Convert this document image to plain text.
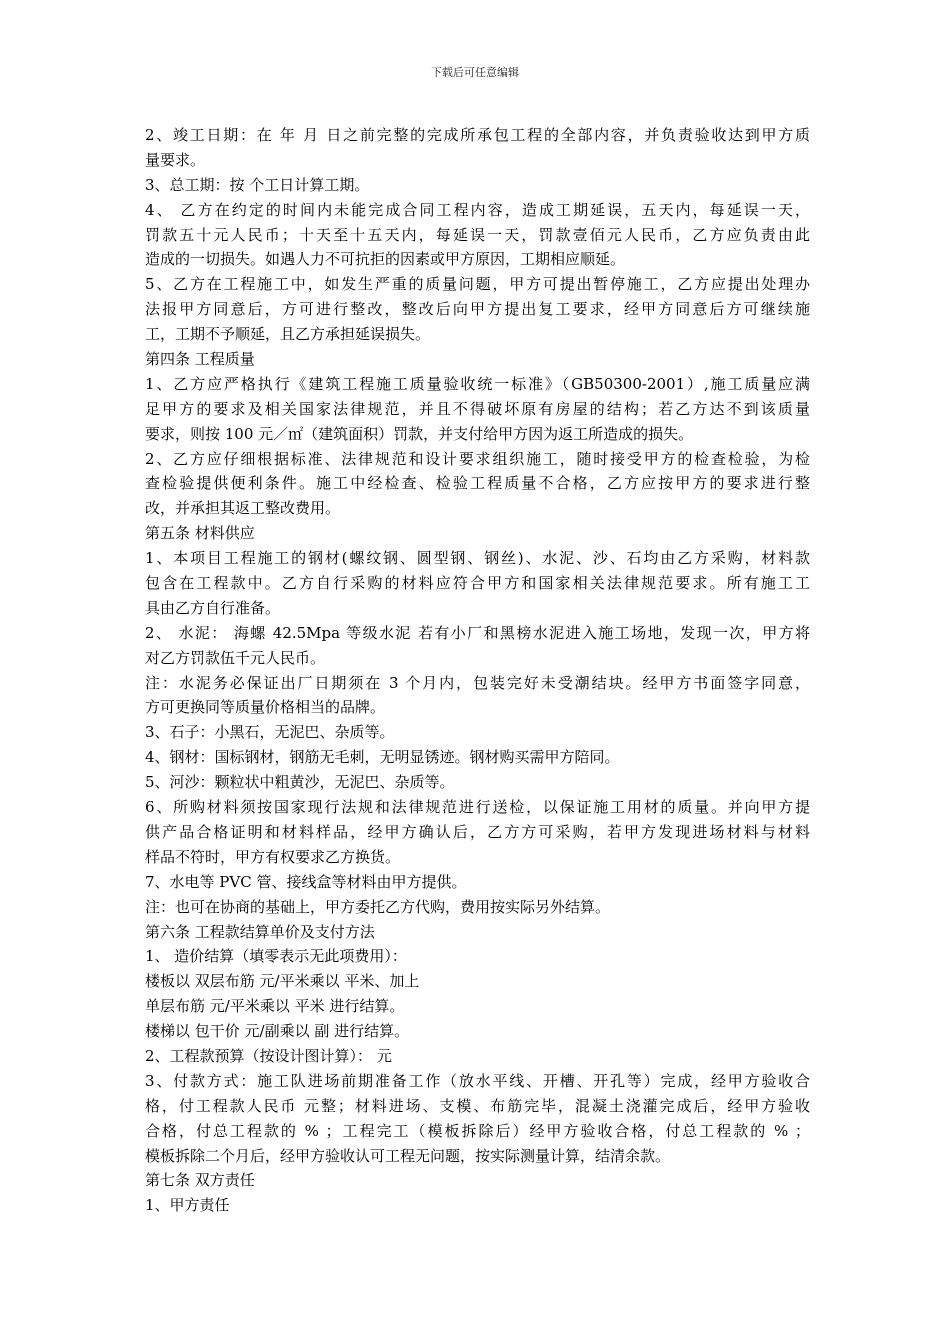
下载后可任意编辑
2、竣工日期：在 年 月 日之前完整的完成所承包工程的全部内容，并负责验收达到甲方质
量要求。
3、总工期：按 个工日计算工期。
4、 乙方在约定的时间内未能完成合同工程内容，造成工期延误，五天内，每延误一天，
罚款五十元人民币；十天至十五天内，每延误一天，罚款壹佰元人民币，乙方应负责由此
造成的一切损失。如遇人力不可抗拒的因素或甲方原因，工期相应顺延。
5、乙方在工程施工中，如发生严重的质量问题，甲方可提出暂停施工，乙方应提出处理办
法报甲方同意后，方可进行整改，整改后向甲方提出复工要求，经甲方同意后方可继续施
工，工期不予顺延，且乙方承担延误损失。
第四条 工程质量
1、乙方应严格执行《建筑工程施工质量验收统一标准》（GB50300-2001）,施工质量应满
足甲方的要求及相关国家法律规范，并且不得破坏原有房屋的结构；若乙方达不到该质量
要求，则按 100 元／㎡（建筑面积）罚款，并支付给甲方因为返工所造成的损失。
2、乙方应仔细根据标准、法律规范和设计要求组织施工，随时接受甲方的检查检验，为检
查检验提供便利条件。施工中经检查、检验工程质量不合格，乙方应按甲方的要求进行整
改，并承担其返工整改费用。
第五条 材料供应
1、本项目工程施工的钢材(螺纹钢、圆型钢、钢丝)、水泥、沙、石均由乙方采购，材料款
包含在工程款中。乙方自行采购的材料应符合甲方和国家相关法律规范要求。所有施工工
具由乙方自行准备。
2、 水泥： 海螺 42.5Mpa 等级水泥 若有小厂和黑榜水泥进入施工场地，发现一次，甲方将
对乙方罚款伍千元人民币。
注：水泥务必保证出厂日期须在 3 个月内，包装完好未受潮结块。经甲方书面签字同意，
方可更换同等质量价格相当的品牌。
3、石子：小黑石，无泥巴、杂质等。
4、钢材：国标钢材，钢筋无毛刺，无明显锈迹。钢材购买需甲方陪同。
5、河沙：颗粒状中粗黄沙，无泥巴、杂质等。
6、所购材料须按国家现行法规和法律规范进行送检，以保证施工用材的质量。并向甲方提
供产品合格证明和材料样品，经甲方确认后，乙方方可采购，若甲方发现进场材料与材料
样品不符时，甲方有权要求乙方换货。
7、水电等 PVC 管、接线盒等材料由甲方提供。
注：也可在协商的基础上，甲方委托乙方代购，费用按实际另外结算。
第六条 工程款结算单价及支付方法
1、 造价结算（填零表示无此项费用）：
楼板以 双层布筋 元/平米乘以 平米、加上
单层布筋 元/平米乘以 平米 进行结算。
楼梯以 包干价 元/副乘以 副 进行结算。
2、工程款预算（按设计图计算）： 元
3、付款方式：施工队进场前期准备工作（放水平线、开槽、开孔等）完成，经甲方验收合
格，付工程款人民币 元整；材料进场、支模、布筋完毕，混凝土浇灌完成后，经甲方验收
合格，付总工程款的 % ；工程完工（模板拆除后）经甲方验收合格，付总工程款的 % ；
模板拆除二个月后，经甲方验收认可工程无问题，按实际测量计算，结清余款。
第七条 双方责任
1、甲方责任
